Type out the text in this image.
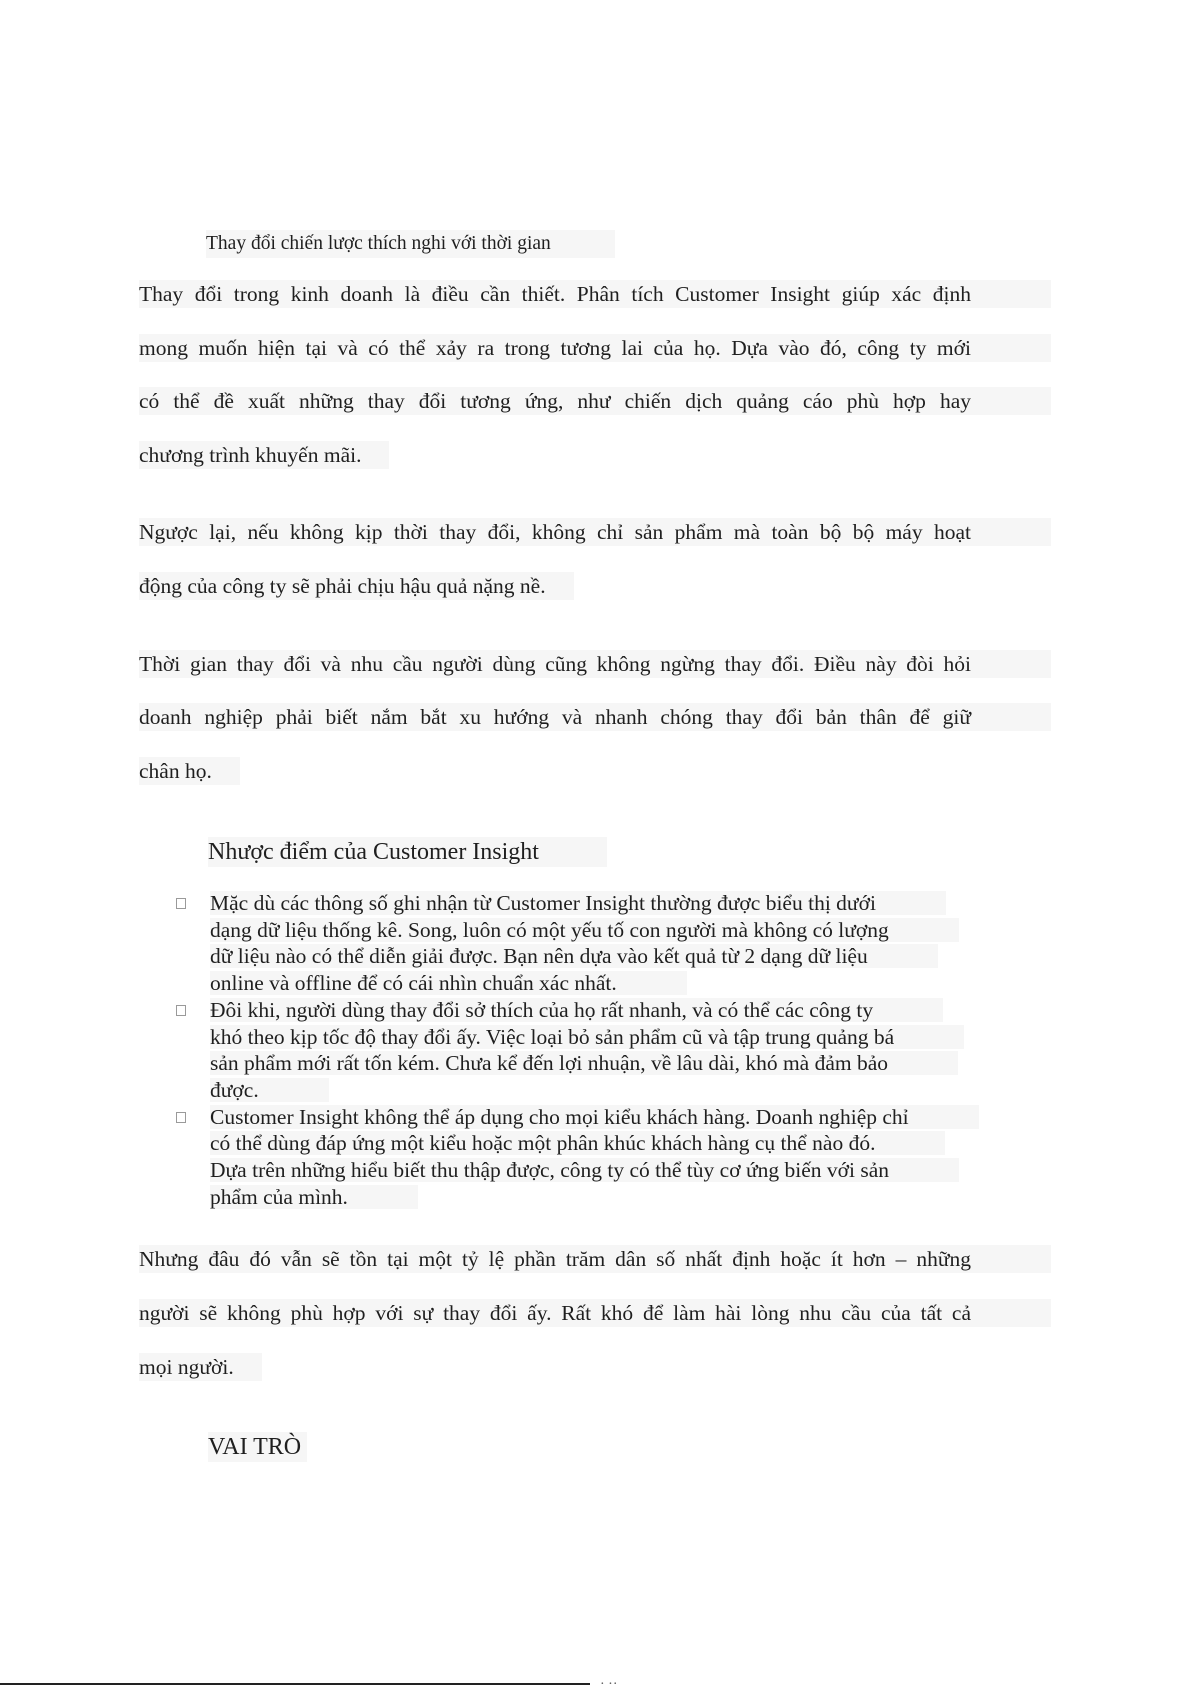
Thay đổi chiến lược thích nghi với thời gian
Thay đổi trong kinh doanh là điều cần thiết. Phân tích Customer Insight giúp xác định
mong muốn hiện tại và có thể xảy ra trong tương lai của họ. Dựa vào đó, công ty mới
có thể đề xuất những thay đổi tương ứng, như chiến dịch quảng cáo phù hợp hay
chương trình khuyến mãi.
Ngược lại, nếu không kịp thời thay đổi, không chỉ sản phẩm mà toàn bộ bộ máy hoạt
động của công ty sẽ phải chịu hậu quả nặng nề.
Thời gian thay đổi và nhu cầu người dùng cũng không ngừng thay đổi. Điều này đòi hỏi
doanh nghiệp phải biết nắm bắt xu hướng và nhanh chóng thay đổi bản thân để giữ
chân họ.
Nhược điểm của Customer Insight
Mặc dù các thông số ghi nhận từ Customer Insight thường được biểu thị dưới
dạng dữ liệu thống kê. Song, luôn có một yếu tố con người mà không có lượng
dữ liệu nào có thể diễn giải được. Bạn nên dựa vào kết quả từ 2 dạng dữ liệu
online và offline để có cái nhìn chuẩn xác nhất.
Đôi khi, người dùng thay đổi sở thích của họ rất nhanh, và có thể các công ty
khó theo kịp tốc độ thay đổi ấy. Việc loại bỏ sản phẩm cũ và tập trung quảng bá
sản phẩm mới rất tốn kém. Chưa kể đến lợi nhuận, về lâu dài, khó mà đảm bảo
được.
Customer Insight không thể áp dụng cho mọi kiểu khách hàng. Doanh nghiệp chỉ
có thể dùng đáp ứng một kiểu hoặc một phân khúc khách hàng cụ thể nào đó.
Dựa trên những hiểu biết thu thập được, công ty có thể tùy cơ ứng biến với sản
phẩm của mình.
Nhưng đâu đó vẫn sẽ tồn tại một tỷ lệ phần trăm dân số nhất định hoặc ít hơn – những
người sẽ không phù hợp với sự thay đổi ấy. Rất khó để làm hài lòng nhu cầu của tất cả
mọi người.
VAI TRÒ
· ··
